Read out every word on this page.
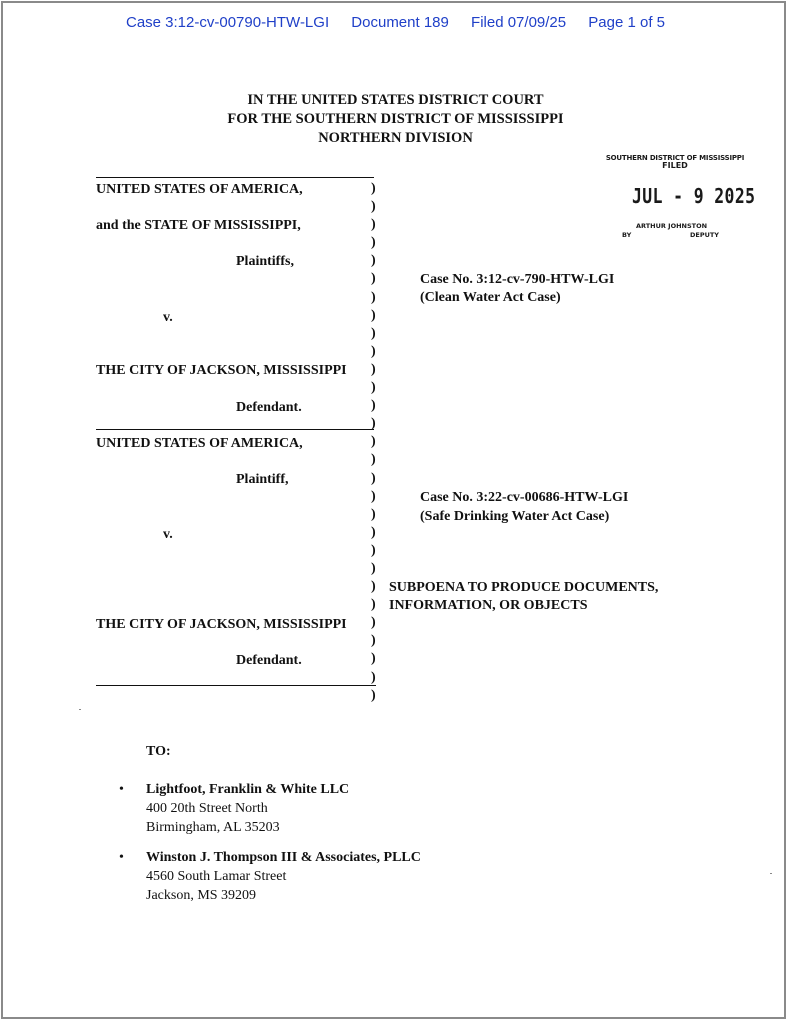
Case 3:12-cv-00790-HTW-LGI Document 189 Filed 07/09/25 Page 1 of 5
IN THE UNITED STATES DISTRICT COURT
FOR THE SOUTHERN DISTRICT OF MISSISSIPPI
NORTHERN DIVISION
SOUTHERN DISTRICT OF MISSISSIPPI
FILED
JUL - 9 2025
ARTHUR JOHNSTON
BY	DEPUTY
UNITED STATES OF AMERICA,
and the STATE OF MISSISSIPPI,
Plaintiffs,
v.
THE CITY OF JACKSON, MISSISSIPPI
Defendant.
Case No. 3:12-cv-790-HTW-LGI
(Clean Water Act Case)
UNITED STATES OF AMERICA,
Plaintiff,
v.
THE CITY OF JACKSON, MISSISSIPPI
Defendant.
Case No. 3:22-cv-00686-HTW-LGI
(Safe Drinking Water Act Case)
SUBPOENA TO PRODUCE DOCUMENTS,
INFORMATION, OR OBJECTS
)
)
)
)
)
)
)
)
)
)
)
)
)
)
)
)
)
)
)
)
)
)
)
)
)
)
)
)
)
TO:
• Lightfoot, Franklin & White LLC
400 20th Street North
Birmingham, AL 35203
• Winston J. Thompson III & Associates, PLLC
4560 South Lamar Street
Jackson, MS 39209
